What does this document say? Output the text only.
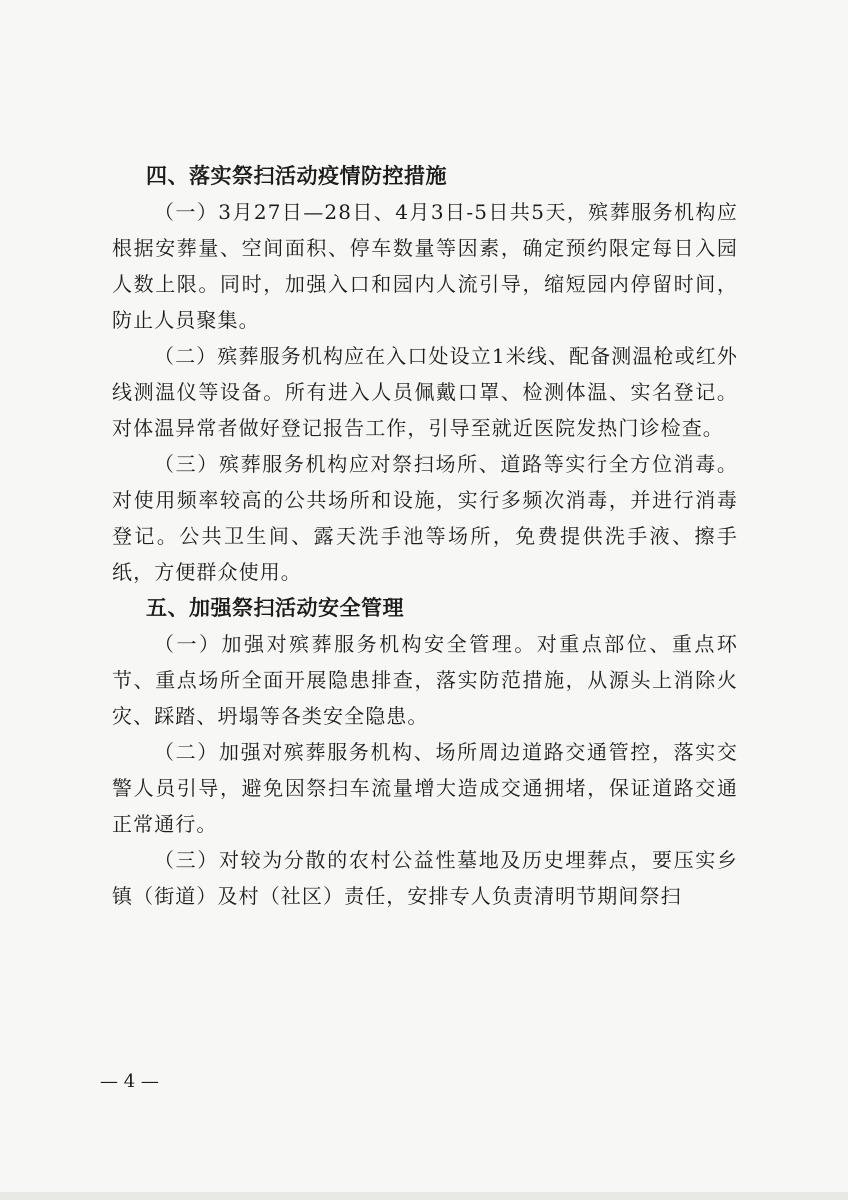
四、落实祭扫活动疫情防控措施

（一）3月27日—28日、4月3日-5日共5天，殡葬服务机构应根据安葬量、空间面积、停车数量等因素，确定预约限定每日入园人数上限。同时，加强入口和园内人流引导，缩短园内停留时间，防止人员聚集。

（二）殡葬服务机构应在入口处设立1米线、配备测温枪或红外线测温仪等设备。所有进入人员佩戴口罩、检测体温、实名登记。对体温异常者做好登记报告工作，引导至就近医院发热门诊检查。

（三）殡葬服务机构应对祭扫场所、道路等实行全方位消毒。对使用频率较高的公共场所和设施，实行多频次消毒，并进行消毒登记。公共卫生间、露天洗手池等场所，免费提供洗手液、擦手纸，方便群众使用。

五、加强祭扫活动安全管理

（一）加强对殡葬服务机构安全管理。对重点部位、重点环节、重点场所全面开展隐患排查，落实防范措施，从源头上消除火灾、踩踏、坍塌等各类安全隐患。

（二）加强对殡葬服务机构、场所周边道路交通管控，落实交警人员引导，避免因祭扫车流量增大造成交通拥堵，保证道路交通正常通行。

（三）对较为分散的农村公益性墓地及历史埋葬点，要压实乡镇（街道）及村（社区）责任，安排专人负责清明节期间祭扫

— 4 —
